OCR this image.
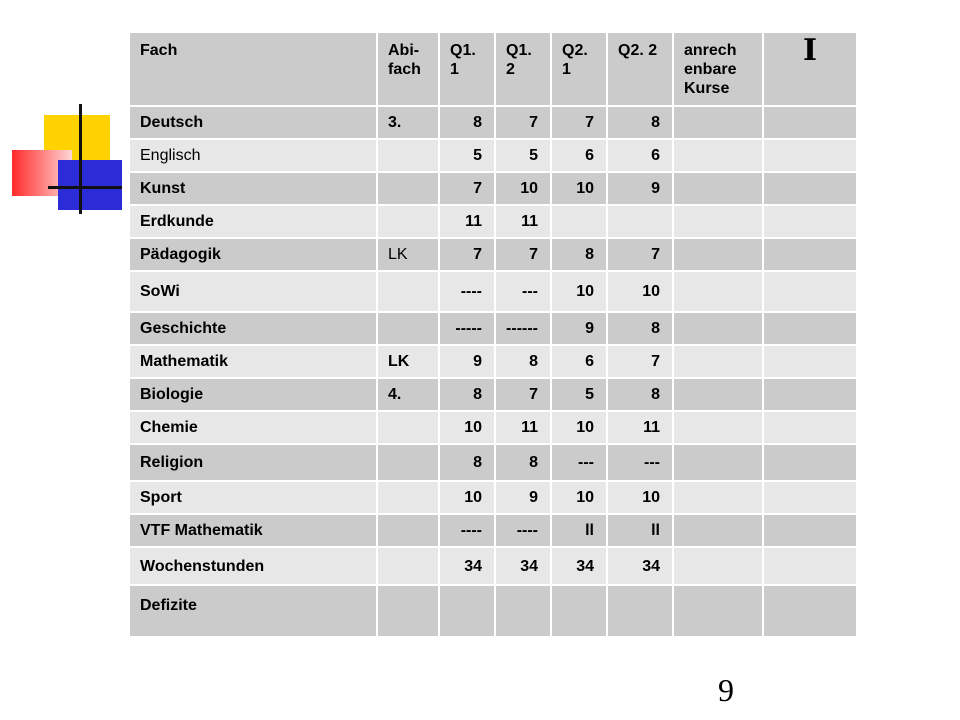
Fach	Abi-fach	Q1. 1	Q1. 2	Q2. 1	Q2. 2	anrech enbare Kurse	I
Deutsch	3.	8	7	7	8		
Englisch		5	5	6	6		
Kunst		7	10	10	9		
Erdkunde		11	11				
Pädagogik	LK	7	7	8	7		
SoWi		----	---	10	10		
Geschichte		-----	------	9	8		
Mathematik	LK	9	8	6	7		
Biologie	4.	8	7	5	8		
Chemie		10	11	10	11		
Religion		8	8	---	---		
Sport		10	9	10	10		
VTF Mathematik		----	----	ll	ll		
Wochenstunden		34	34	34	34		
Defizite							
9
